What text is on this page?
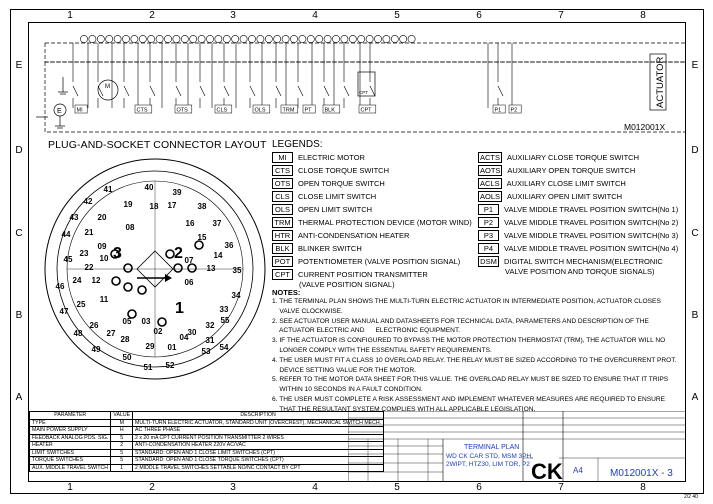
1	2	3	4	5	6	7	8
1	2	3	4	5	6	7	8
E
D
C
B
A
E
D
C
B
A
MI	CTS	OTS	CLS	OLS	TRM PT BLK	CPT	P1 P2
M
E
CPT	ACTUATOR
M012001X
PLUG-AND-SOCKET CONNECTOR LAYOUT
41	40
39
42	19 18 17	38
43 20
08	16 37
44 21
09
15
36
45
23
22
10	07
14
13 35
46
24 12	06
34
47
25
11
05
33
32
48
26
27
03
30
31
55
49
28
29
50
54
53
51 52
02
04
01
3	2
1
LEGENDS:
MI ELECTRIC MOTOR
CTS CLOSE TORQUE SWITCH
OTS OPEN TORQUE SWITCH
CLS CLOSE LIMIT SWITCH
OLS OPEN LIMIT SWITCH
TRM THERMAL PROTECTION DEVICE (MOTOR WIND)
HTR ANTI-CONDENSATION HEATER
BLK BLINKER SWITCH
POT POTENTIOMETER (VALVE POSITION SIGNAL)
CPT CURRENT POSITION TRANSMITTER
(VALVE POSITION SIGNAL)
ACTS AUXILIARY CLOSE TORQUE SWITCH
AOTS AUXILIARY OPEN TORQUE SWITCH
ACLS AUXILIARY CLOSE LIMIT SWITCH
AOLS AUXILIARY OPEN LIMIT SWITCH
P1 VALVE MIDDLE TRAVEL POSITION SWITCH(No 1)
P2 VALVE MIDDLE TRAVEL POSITION SWITCH(No 2)
P3 VALVE MIDDLE TRAVEL POSITION SWITCH(No 3)
P4 VALVE MIDDLE TRAVEL POSITION SWITCH(No 4)
DSM DIGITAL SWITCH MECHANISM(ELECTRONIC
VALVE POSITION AND TORQUE SIGNALS)
NOTES:
1. THE TERMINAL PLAN SHOWS THE MULTI-TURN ELECTRIC ACTUATOR IN INTERMEDIATE POSITION, ACTUATOR CLOSES
VALVE CLOCKWISE.
2. SEE ACTUATOR USER MANUAL AND DATASHEETS FOR TECHNICAL DATA, PARAMETERS AND DESCRIPTION OF THE
ACTUATOR ELECTRIC AND      ELECTRONIC EQUIPMENT.
3. IF THE ACTUATOR IS CONFIGURED TO BYPASS THE MOTOR PROTECTION THERMOSTAT (TRM), THE ACTUATOR WILL NO
LONGER COMPLY WITH THE ESSENTIAL SAFETY REQUIREMENTS.
4. THE USER MUST FIT A CLASS 10 OVERLOAD RELAY. THE RELAY MUST BE SIZED ACCORDING TO THE OVERCURRENT PROT.
DEVICE SETTING VALUE FOR THE MOTOR.
5. REFER TO THE MOTOR DATA SHEET FOR THIS VALUE. THE OVERLOAD RELAY MUST BE SIZED TO ENSURE THAT IT TRIPS
WITHIN 10 SECONDS IN A FAULT CONDITION.
6. THE USER MUST COMPLETE A RISK ASSESSMENT AND IMPLEMENT WHATEVER MEASURES ARE REQUIRED TO ENSURE
THAT THE RESULTANT SYSTEM COMPLIES WITH ALL APPLICABLE LEGISLATION.
PARAMETER	VALUE	DESCRIPTION
TYPE	M	MULTI-TURN ELECTRIC ACTUATOR, STANDARD UNIT (OVERCREST), MECHANICAL SWITCH MECH.
MAIN POWER SUPPLY	H	AC THREE PHASE
FEEDBACK ANALOG POS. SIG.	5	2 x 20 mA CPT CURRENT POSITION TRANSMITTER 2 WIRES
HEATER	2	ANTI-CONDENSATION HEATER 220V AC/VAC
LIMIT SWITCHES	5	STANDARD: OPEN AND 1 CLOSE LIMIT SWITCHES (CPT)
TORQUE SWITCHES	5	STANDARD: OPEN AND 1 CLOSE TORQUE SWITCHES (CPT)
AUX. MIDDLE TRAVEL SWITCH	1	2 MIDDLE TRAVEL SWITCHES SETTABLE NO/NC CONTACT BY CPT
TERMINAL PLAN
WD CK CAR STD, MSM 3PH,
2WIPT, HTZ30, LIM TOR, P2 CK A4	M012001X - 3
2/2 40
